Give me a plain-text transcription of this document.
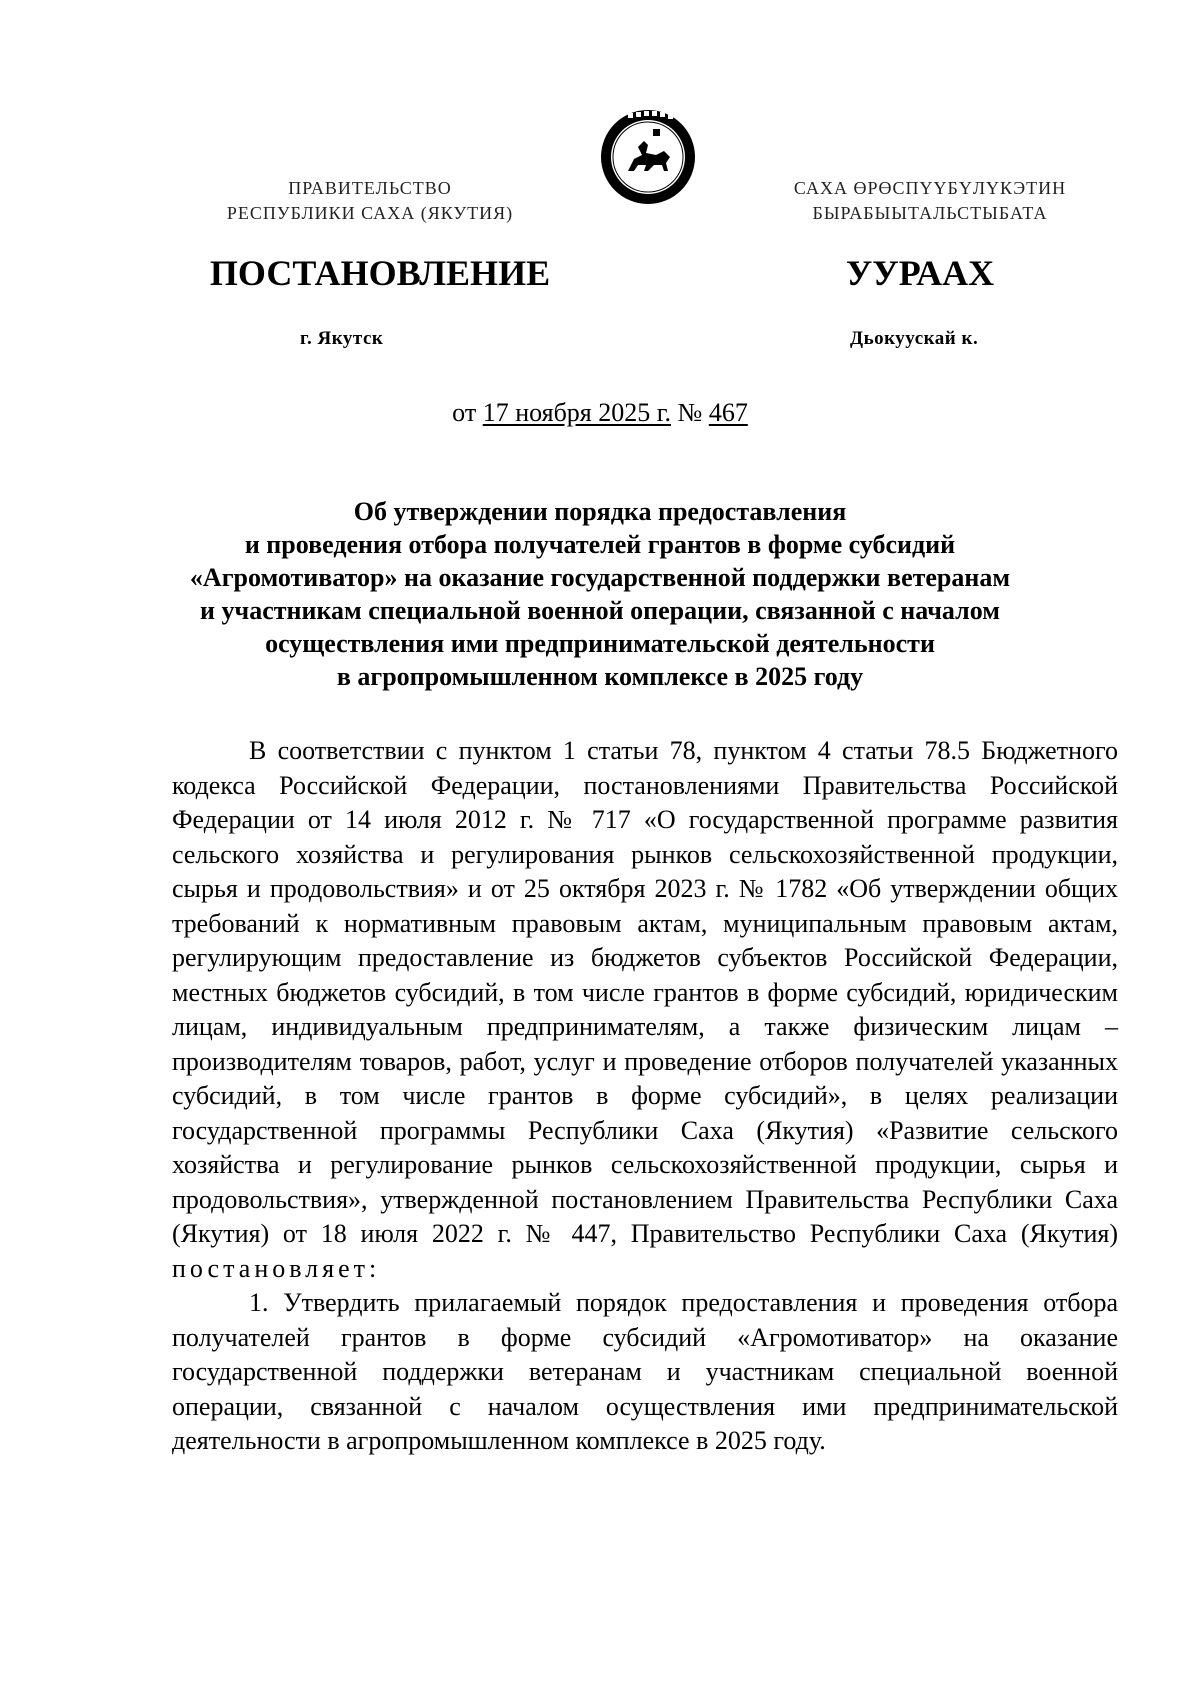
ПРАВИТЕЛЬСТВО
РЕСПУБЛИКИ САХА (ЯКУТИЯ)
САХА ӨРӨСПҮҮБҮЛҮКЭТИН
БЫРАБЫЫТАЛЬСТЫБАТА
ПОСТАНОВЛЕНИЕ	УУРААХ
г. Якутск	Дьокуускай к.
от 17 ноября 2025 г. № 467
Об утверждении порядка предоставления
и проведения отбора получателей грантов в форме субсидий
«Агромотиватор» на оказание государственной поддержки ветеранам
и участникам специальной военной операции, связанной с началом
осуществления ими предпринимательской деятельности
в агропромышленном комплексе в 2025 году

В соответствии с пунктом 1 статьи 78, пунктом 4 статьи 78.5 Бюджетного кодекса Российской Федерации, постановлениями Правительства Российской Федерации от 14 июля 2012 г. № 717 «О государственной программе развития сельского хозяйства и регулирования рынков сельскохозяйственной продукции, сырья и продовольствия» и от 25 октября 2023 г. № 1782 «Об утверждении общих требований к нормативным правовым актам, муниципальным правовым актам, регулирующим предоставление из бюджетов субъектов Российской Федерации, местных бюджетов субсидий, в том числе грантов в форме субсидий, юридическим лицам, индивидуальным предпринимателям, а также физическим лицам – производителям товаров, работ, услуг и проведение отборов получателей указанных субсидий, в том числе грантов в форме субсидий», в целях реализации государственной программы Республики Саха (Якутия) «Развитие сельского хозяйства и регулирование рынков сельскохозяйственной продукции, сырья и продовольствия», утвержденной постановлением Правительства Республики Саха (Якутия) от 18 июля 2022 г. № 447, Правительство Республики Саха (Якутия) постановляет:

1. Утвердить прилагаемый порядок предоставления и проведения отбора получателей грантов в форме субсидий «Агромотиватор» на оказание государственной поддержки ветеранам и участникам специальной военной операции, связанной с началом осуществления ими предпринимательской деятельности в агропромышленном комплексе в 2025 году.
